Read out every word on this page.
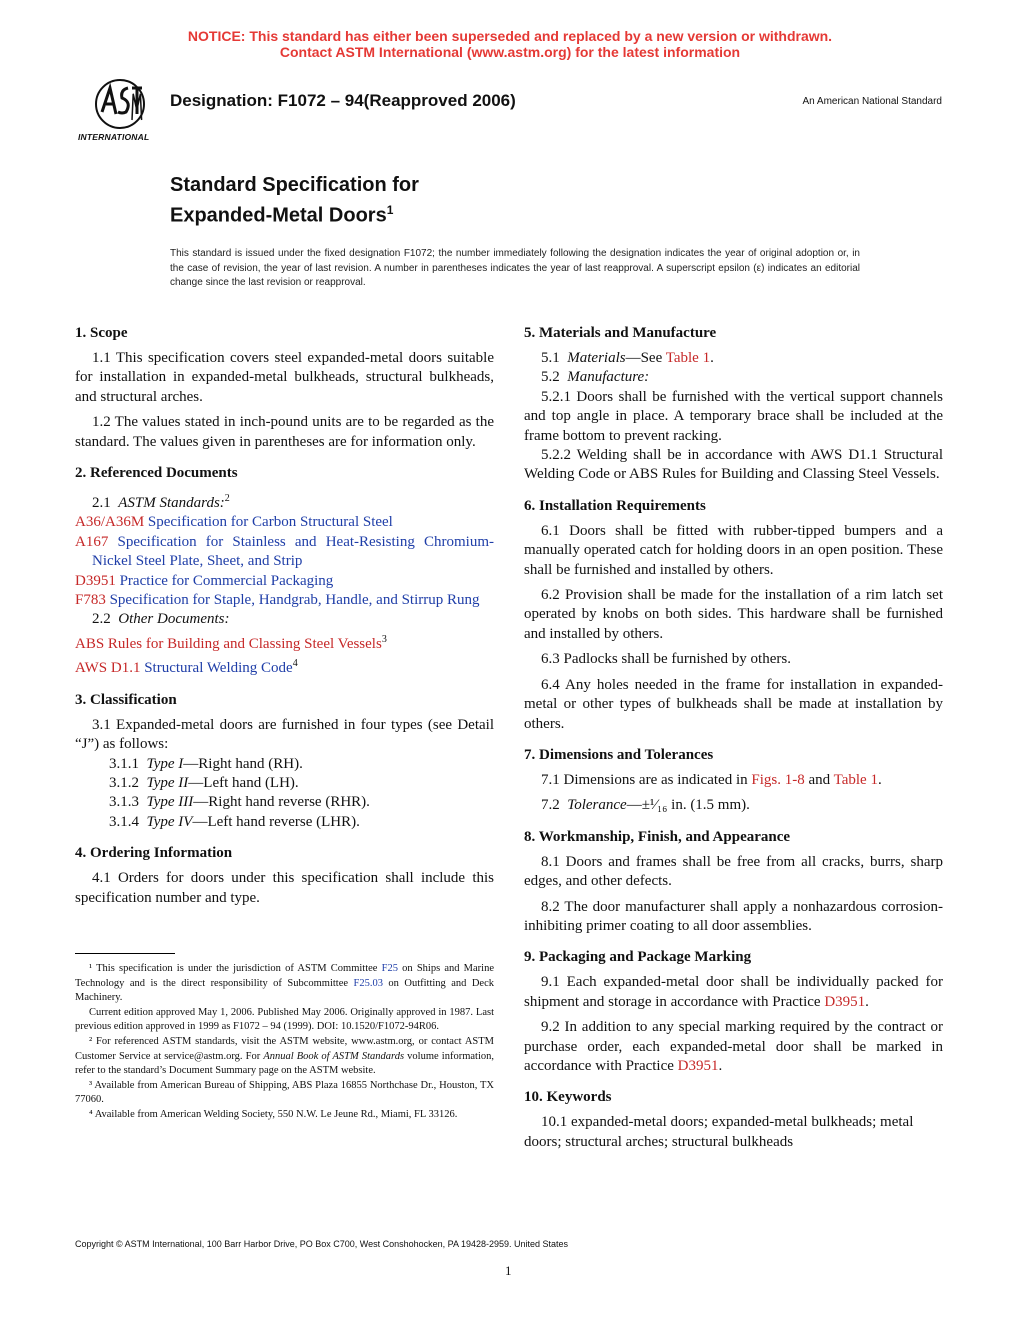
NOTICE: This standard has either been superseded and replaced by a new version or withdrawn.
Contact ASTM International (www.astm.org) for the latest information
INTERNATIONAL
Designation: F1072 – 94(Reapproved 2006)	An American National Standard
Standard Specification for
Expanded-Metal Doors$^1$
This standard is issued under the fixed designation F1072; the number immediately following the designation indicates the year of original adoption or, in the case of revision, the year of last revision. A number in parentheses indicates the year of last reapproval. A superscript epsilon (ε) indicates an editorial change since the last revision or reapproval.
1. Scope

1.1 This specification covers steel expanded-metal doors suitable for installation in expanded-metal bulkheads, structural bulkheads, and structural arches.

1.2 The values stated in inch-pound units are to be regarded as the standard. The values given in parentheses are for information only.

2. Referenced Documents

2.1 ASTM Standards:$^2$

A36/A36M Specification for Carbon Structural Steel
A167 Specification for Stainless and Heat-Resisting Chromium-Nickel Steel Plate, Sheet, and Strip
D3951 Practice for Commercial Packaging
F783 Specification for Staple, Handgrab, Handle, and Stirrup Rung

2.2 Other Documents:

ABS Rules for Building and Classing Steel Vessels$^3$
AWS D1.1 Structural Welding Code$^4$
3. Classification

3.1 Expanded-metal doors are furnished in four types (see Detail “J”) as follows:

3.1.1 Type I—Right hand (RH).

3.1.2 Type II—Left hand (LH).

3.1.3 Type III—Right hand reverse (RHR).

3.1.4 Type IV—Left hand reverse (LHR).

4. Ordering Information

4.1 Orders for doors under this specification shall include this specification number and type.

¹ This specification is under the jurisdiction of ASTM Committee F25 on Ships and Marine Technology and is the direct responsibility of Subcommittee F25.03 on Outfitting and Deck Machinery.

Current edition approved May 1, 2006. Published May 2006. Originally approved in 1987. Last previous edition approved in 1999 as F1072 – 94 (1999). DOI: 10.1520/F1072-94R06.

² For referenced ASTM standards, visit the ASTM website, www.astm.org, or contact ASTM Customer Service at service@astm.org. For Annual Book of ASTM Standards volume information, refer to the standard’s Document Summary page on the ASTM website.

³ Available from American Bureau of Shipping, ABS Plaza 16855 Northchase Dr., Houston, TX 77060.

⁴ Available from American Welding Society, 550 N.W. Le Jeune Rd., Miami, FL 33126.

5. Materials and Manufacture

5.1 Materials—See Table 1.

5.2 Manufacture:

5.2.1 Doors shall be furnished with the vertical support channels and top angle in place. A temporary brace shall be included at the frame bottom to prevent racking.

5.2.2 Welding shall be in accordance with AWS D1.1 Structural Welding Code or ABS Rules for Building and Classing Steel Vessels.

6. Installation Requirements

6.1 Doors shall be fitted with rubber-tipped bumpers and a manually operated catch for holding doors in an open position. These shall be furnished and installed by others.

6.2 Provision shall be made for the installation of a rim latch set operated by knobs on both sides. This hardware shall be furnished and installed by others.

6.3 Padlocks shall be furnished by others.

6.4 Any holes needed in the frame for installation in expanded-metal or other types of bulkheads shall be made at installation by others.

7. Dimensions and Tolerances

7.1 Dimensions are as indicated in Figs. 1-8 and Table 1.

7.2 Tolerance—±¹⁄₁₆ in. (1.5 mm).

8. Workmanship, Finish, and Appearance

8.1 Doors and frames shall be free from all cracks, burrs, sharp edges, and other defects.

8.2 The door manufacturer shall apply a nonhazardous corrosion-inhibiting primer coating to all door assemblies.

9. Packaging and Package Marking

9.1 Each expanded-metal door shall be individually packed for shipment and storage in accordance with Practice D3951.

9.2 In addition to any special marking required by the contract or purchase order, each expanded-metal door shall be marked in accordance with Practice D3951.

10. Keywords

10.1 expanded-metal doors; expanded-metal bulkheads; metal doors; structural arches; structural bulkheads

Copyright © ASTM International, 100 Barr Harbor Drive, PO Box C700, West Conshohocken, PA 19428-2959. United States
1
